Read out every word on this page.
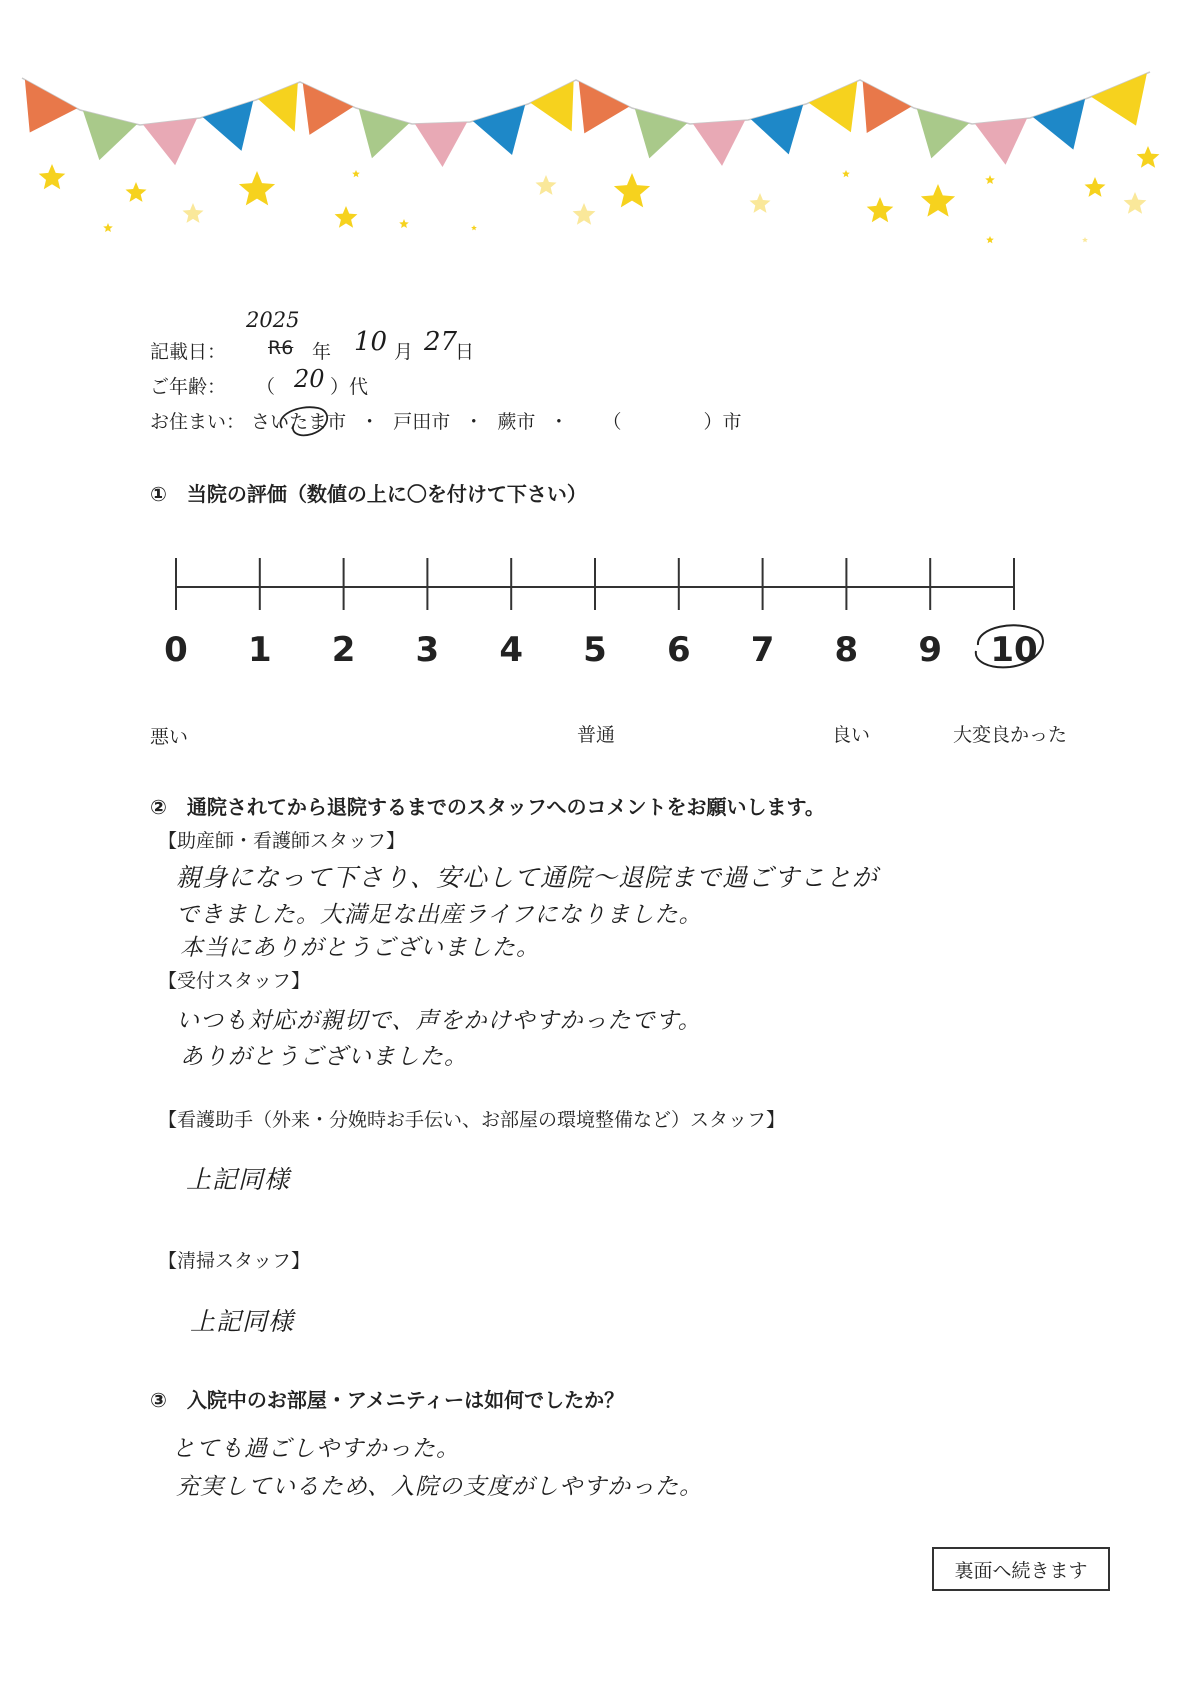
記載日：
2025
R6 年 10 月 27
日
ご年齢： （ 20 ）代
お住まい： さいたま市 ・ 戸田市 ・ 蕨市 ・ （	）市
①　当院の評価（数値の上に〇を付けて下さい）
0 1 2 3 4 5 6 7 8 9 10
悪い	普通	良い	大変良かった
②　通院されてから退院するまでのスタッフへのコメントをお願いします。
【助産師・看護師スタッフ】
親身になって下さり、安心して通院〜退院まで過ごすことが
できました。大満足な出産ライフになりました。
本当にありがとうございました。
【受付スタッフ】
いつも対応が親切で、声をかけやすかったです。
ありがとうございました。
【看護助手（外来・分娩時お手伝い、お部屋の環境整備など）スタッフ】
上記同様
【清掃スタッフ】
上記同様
③　入院中のお部屋・アメニティーは如何でしたか？
とても過ごしやすかった。
充実しているため、入院の支度がしやすかった。
裏面へ続きます
